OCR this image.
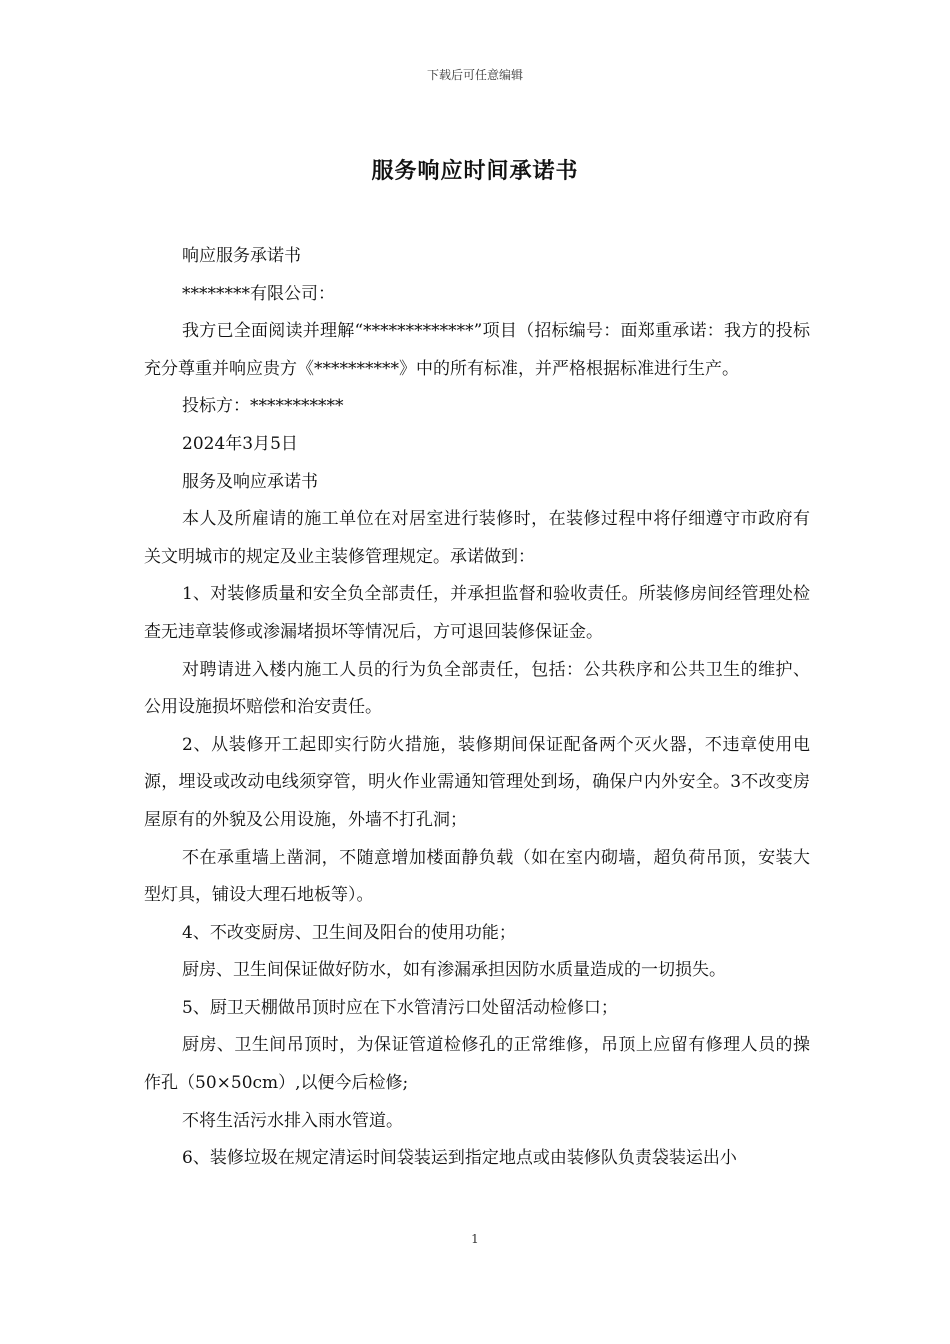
下载后可任意编辑
服务响应时间承诺书

响应服务承诺书

********有限公司：

我方已全面阅读并理解“*************”项目（招标编号：面郑重承诺：我方的投标充分尊重并响应贵方《**********》中的所有标准，并严格根据标准进行生产。

投标方：***********

2024年3月5日

服务及响应承诺书

本人及所雇请的施工单位在对居室进行装修时，在装修过程中将仔细遵守市政府有关文明城市的规定及业主装修管理规定。承诺做到：

1、对装修质量和安全负全部责任，并承担监督和验收责任。所装修房间经管理处检查无违章装修或渗漏堵损坏等情况后，方可退回装修保证金。

对聘请进入楼内施工人员的行为负全部责任，包括：公共秩序和公共卫生的维护、公用设施损坏赔偿和治安责任。

2、从装修开工起即实行防火措施，装修期间保证配备两个灭火器，不违章使用电源，埋设或改动电线须穿管，明火作业需通知管理处到场，确保户内外安全。3不改变房屋原有的外貌及公用设施，外墙不打孔洞；

不在承重墙上凿洞，不随意增加楼面静负载（如在室内砌墙，超负荷吊顶，安装大型灯具，铺设大理石地板等）。

4、不改变厨房、卫生间及阳台的使用功能；

厨房、卫生间保证做好防水，如有渗漏承担因防水质量造成的一切损失。

5、厨卫天棚做吊顶时应在下水管清污口处留活动检修口；

厨房、卫生间吊顶时，为保证管道检修孔的正常维修，吊顶上应留有修理人员的操作孔（50×50cm）,以便今后检修;

不将生活污水排入雨水管道。

6、装修垃圾在规定清运时间袋装运到指定地点或由装修队负责袋装运出小

1
